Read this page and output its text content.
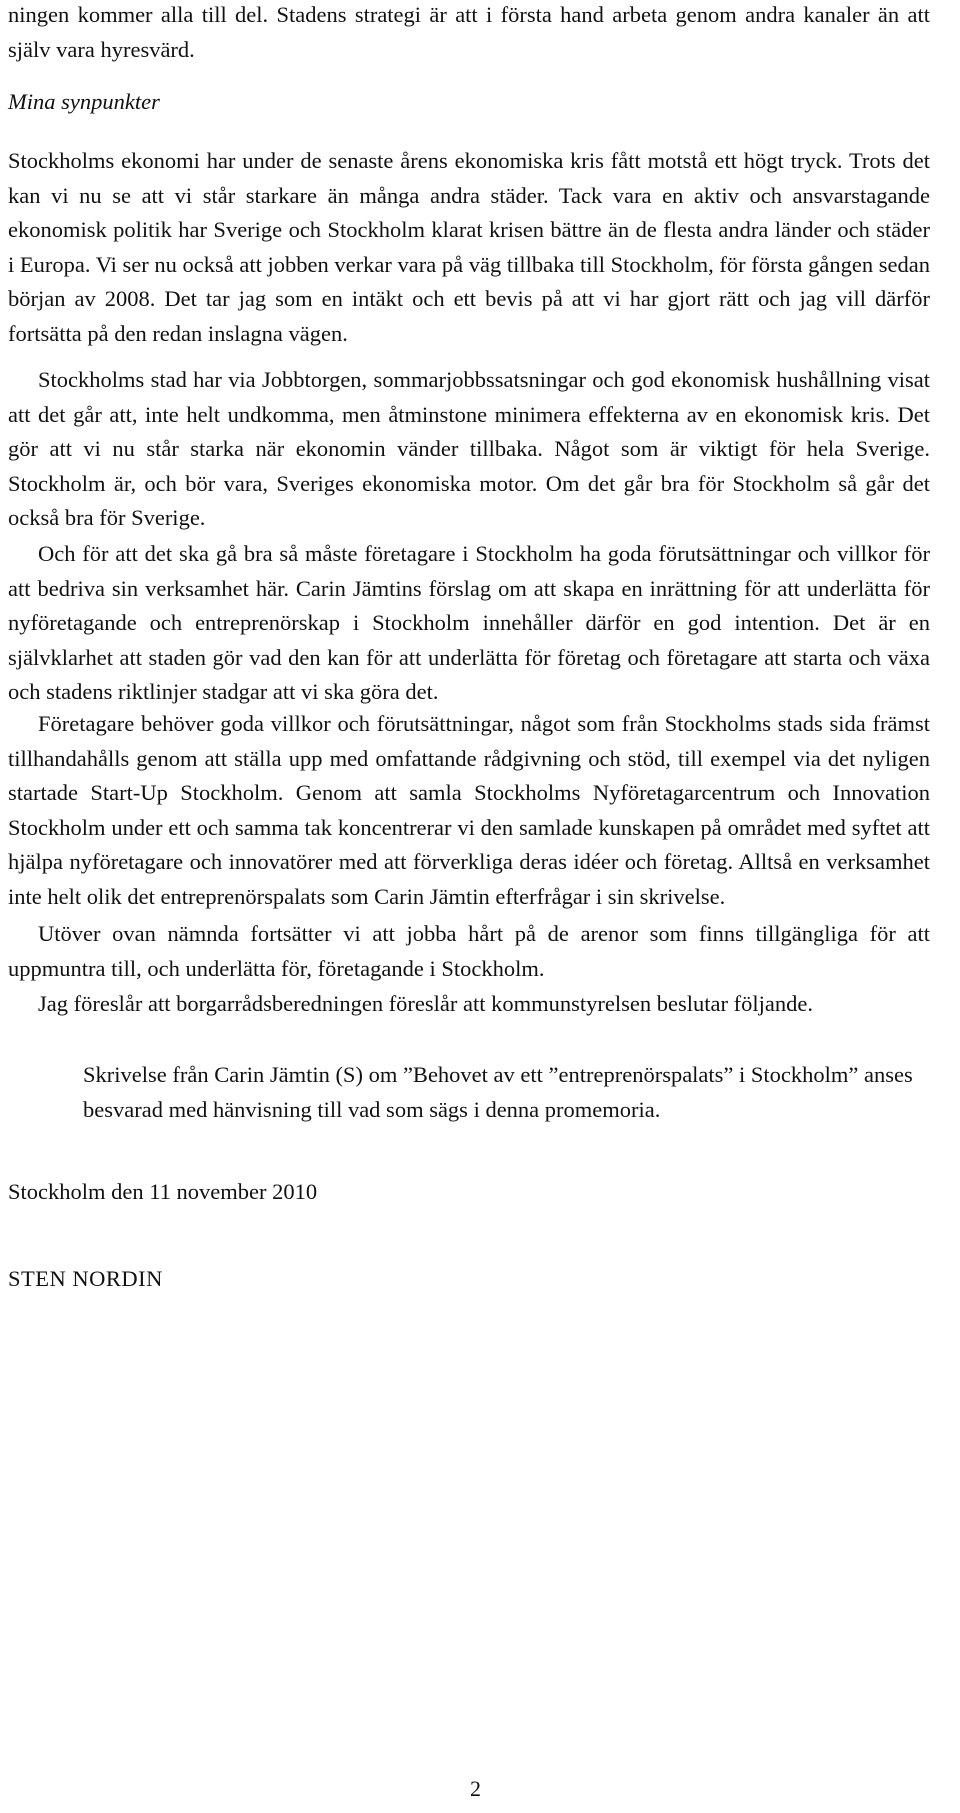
ningen kommer alla till del. Stadens strategi är att i första hand arbeta genom andra kanaler än att själv vara hyresvärd.

Mina synpunkter

Stockholms ekonomi har under de senaste årens ekonomiska kris fått motstå ett högt tryck. Trots det kan vi nu se att vi står starkare än många andra städer. Tack vara en aktiv och ansvarstagande ekonomisk politik har Sverige och Stockholm klarat krisen bättre än de flesta andra länder och städer i Europa. Vi ser nu också att jobben verkar vara på väg tillbaka till Stockholm, för första gången sedan början av 2008. Det tar jag som en intäkt och ett bevis på att vi har gjort rätt och jag vill därför fortsätta på den redan inslagna vägen.

Stockholms stad har via Jobbtorgen, sommarjobbssatsningar och god ekonomisk hushållning visat att det går att, inte helt undkomma, men åtminstone minimera effekterna av en ekonomisk kris. Det gör att vi nu står starka när ekonomin vänder tillbaka. Något som är viktigt för hela Sverige. Stockholm är, och bör vara, Sveriges ekonomiska motor. Om det går bra för Stockholm så går det också bra för Sverige.

Och för att det ska gå bra så måste företagare i Stockholm ha goda förutsättningar och villkor för att bedriva sin verksamhet här. Carin Jämtins förslag om att skapa en inrättning för att underlätta för nyföretagande och entreprenörskap i Stockholm innehåller därför en god intention. Det är en självklarhet att staden gör vad den kan för att underlätta för företag och företagare att starta och växa och stadens riktlinjer stadgar att vi ska göra det.

Företagare behöver goda villkor och förutsättningar, något som från Stockholms stads sida främst tillhandahålls genom att ställa upp med omfattande rådgivning och stöd, till exempel via det nyligen startade Start-Up Stockholm. Genom att samla Stockholms Nyföretagarcentrum och Innovation Stockholm under ett och samma tak koncentrerar vi den samlade kunskapen på området med syftet att hjälpa nyföretagare och innovatörer med att förverkliga deras idéer och företag. Alltså en verksamhet inte helt olik det entreprenörspalats som Carin Jämtin efterfrågar i sin skrivelse.

Utöver ovan nämnda fortsätter vi att jobba hårt på de arenor som finns tillgängliga för att uppmuntra till, och underlätta för, företagande i Stockholm.

Jag föreslår att borgarrådsberedningen föreslår att kommunstyrelsen beslutar följande.

Skrivelse från Carin Jämtin (S) om ”Behovet av ett ”entreprenörspalats” i Stockholm” anses besvarad med hänvisning till vad som sägs i denna promemoria.

Stockholm den 11 november 2010

STEN NORDIN

2
